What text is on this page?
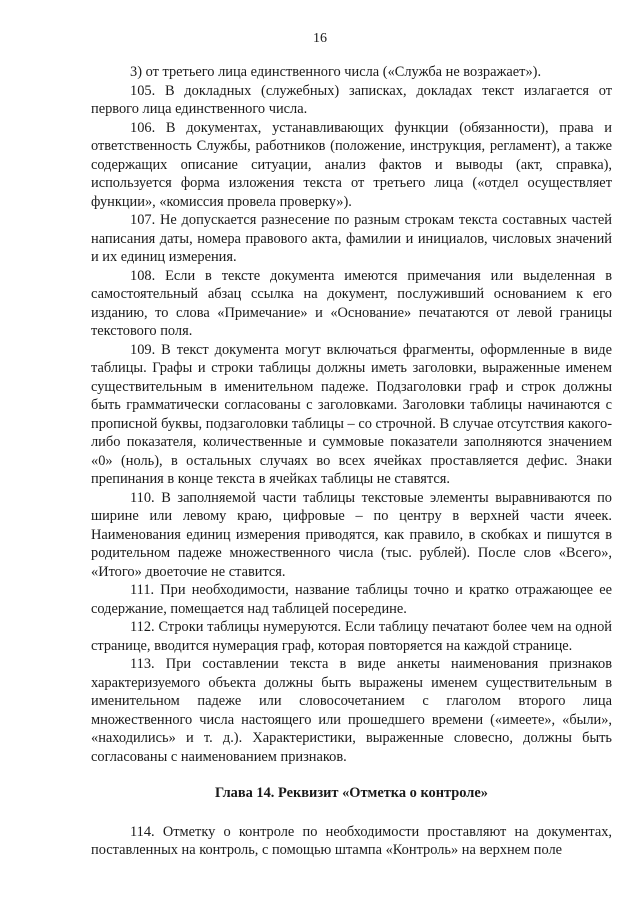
16

3) от третьего лица единственного числа («Служба не возражает»).

105. В докладных (служебных) записках, докладах текст излагается от первого лица единственного числа.

106. В документах, устанавливающих функции (обязанности), права и ответственность Службы, работников (положение, инструкция, регламент), а также содержащих описание ситуации, анализ фактов и выводы (акт, справка), используется форма изложения текста от третьего лица («отдел осуществляет функции», «комиссия провела проверку»).

107. Не допускается разнесение по разным строкам текста составных частей написания даты, номера правового акта, фамилии и инициалов, числовых значений и их единиц измерения.

108. Если в тексте документа имеются примечания или выделенная в самостоятельный абзац ссылка на документ, послуживший основанием к его изданию, то слова «Примечание» и «Основание» печатаются от левой границы текстового поля.

109. В текст документа могут включаться фрагменты, оформленные в виде таблицы. Графы и строки таблицы должны иметь заголовки, выраженные именем существительным в именительном падеже. Подзаголовки граф и строк должны быть грамматически согласованы с заголовками. Заголовки таблицы начинаются с прописной буквы, подзаголовки таблицы – со строчной. В случае отсутствия какого-либо показателя, количественные и суммовые показатели заполняются значением «0» (ноль), в остальных случаях во всех ячейках проставляется дефис. Знаки препинания в конце текста в ячейках таблицы не ставятся.

110. В заполняемой части таблицы текстовые элементы выравниваются по ширине или левому краю, цифровые – по центру в верхней части ячеек. Наименования единиц измерения приводятся, как правило, в скобках и пишутся в родительном падеже множественного числа (тыс. рублей). После слов «Всего», «Итого» двоеточие не ставится.

111. При необходимости, название таблицы точно и кратко отражающее ее содержание, помещается над таблицей посередине.

112. Строки таблицы нумеруются. Если таблицу печатают более чем на одной странице, вводится нумерация граф, которая повторяется на каждой странице.

113. При составлении текста в виде анкеты наименования признаков характеризуемого объекта должны быть выражены именем существительным в именительном падеже или словосочетанием с глаголом второго лица множественного числа настоящего или прошедшего времени («имеете», «были», «находились» и т. д.). Характеристики, выраженные словесно, должны быть согласованы с наименованием признаков.

Глава 14. Реквизит «Отметка о контроле»

114. Отметку о контроле по необходимости проставляют на документах, поставленных на контроль, с помощью штампа «Контроль» на верхнем поле
